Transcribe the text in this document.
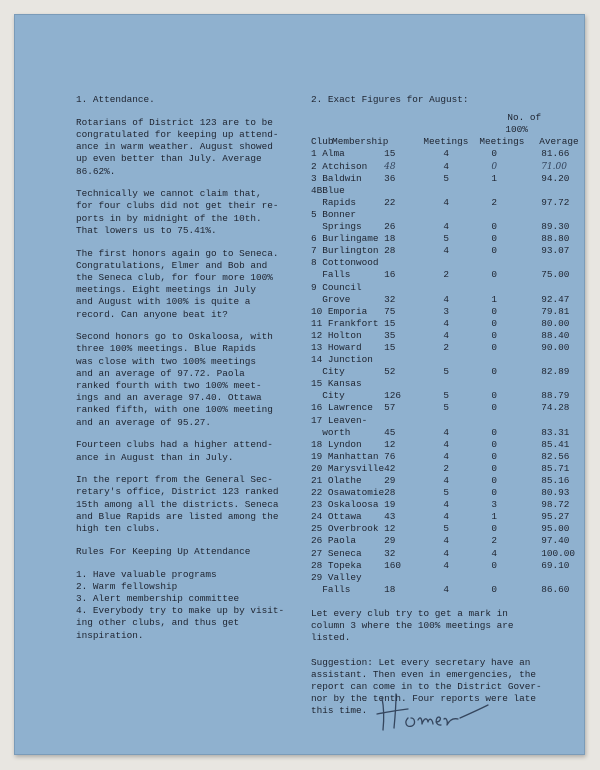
1. Attendance.

Rotarians of District 123 are to be
congratulated for keeping up attend-
ance in warm weather. August showed
up even better than July. Average
86.62%.

Technically we cannot claim that,
for four clubs did not get their re-
ports in by midnight of the 10th.
That lowers us to 75.41%.

The first honors again go to Seneca.
Congratulations, Elmer and Bob and
the Seneca club, for four more 100%
meetings. Eight meetings in July
and August with 100% is quite a
record. Can anyone beat it?

Second honors go to Oskaloosa, with
three 100% meetings. Blue Rapids
was close with two 100% meetings
and an average of 97.72. Paola
ranked fourth with two 100% meet-
ings and an average 97.40. Ottawa
ranked fifth, with one 100% meeting
and an average of 95.27.

Fourteen clubs had a higher attend-
ance in August than in July.

In the report from the General Sec-
retary's office, District 123 ranked
15th among all the districts. Seneca
and Blue Rapids are listed among the
high ten clubs.

Rules For Keeping Up Attendance

1. Have valuable programs
2. Warm fellowship
3. Alert membership committee
4. Everybody try to make up by visit-
ing other clubs, and thus get
inspiration.
2. Exact Figures for August:
			No. of	
			100%	
Club	Membership	Meetings	Meetings	Average
1 Alma	15	4	0	81.66
2 Atchison	48	4	0	71.00
3 Baldwin	36	5	1	94.20
4BBlue				
Rapids	22	4	2	97.72
5 Bonner				
Springs	26	4	0	89.30
6 Burlingame	18	5	0	88.80
7 Burlington	28	4	0	93.07
8 Cottonwood				
Falls	16	2	0	75.00
9 Council				
Grove	32	4	1	92.47
10 Emporia	75	3	0	79.81
11 Frankfort	15	4	0	80.00
12 Holton	35	4	0	88.40
13 Howard	15	2	0	90.00
14 Junction				
City	52	5	0	82.89
15 Kansas				
City	126	5	0	88.79
16 Lawrence	57	5	0	74.28
17 Leaven-				
worth	45	4	0	83.31
18 Lyndon	12	4	0	85.41
19 Manhattan	76	4	0	82.56
20 Marysville	42	2	0	85.71
21 Olathe	29	4	0	85.16
22 Osawatomie	28	5	0	80.93
23 Oskaloosa	19	4	3	98.72
24 Ottawa	43	4	1	95.27
25 Overbrook	12	5	0	95.00
26 Paola	29	4	2	97.40
27 Seneca	32	4	4	100.00
28 Topeka	160	4	0	69.10
29 Valley				
Falls	18	4	0	86.60

Let every club try to get a mark in
column 3 where the 100% meetings are
listed.

Suggestion: Let every secretary have an
assistant. Then even in emergencies, the
report can come in to the District Gover-
nor by the tenth. Four reports were late
this time.
